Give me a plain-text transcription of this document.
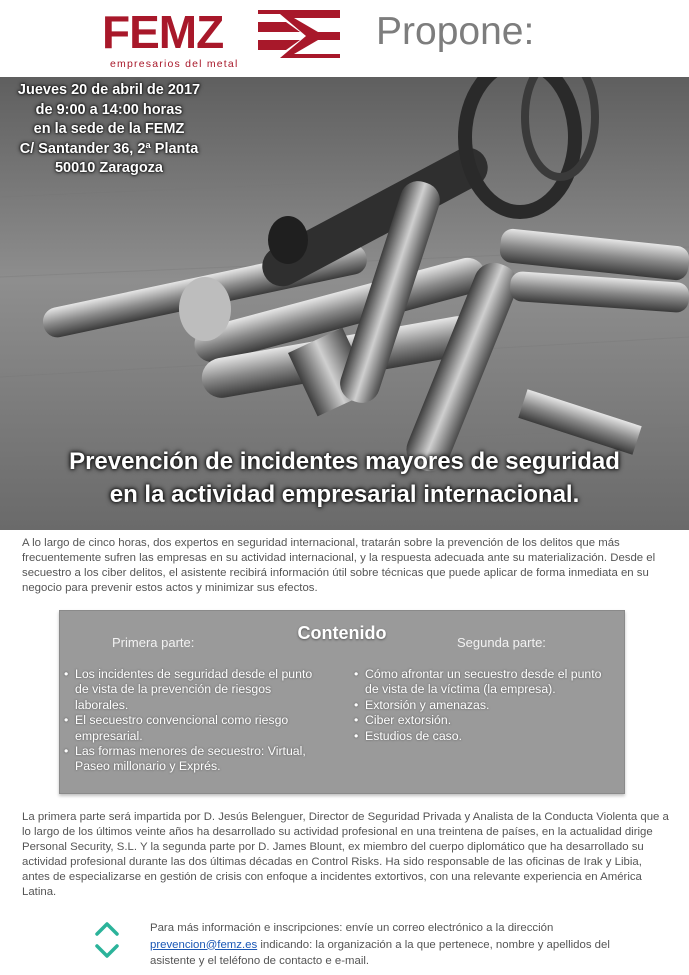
FEMZ
empresarios del metal
Propone:
Jueves 20 de abril de 2017
de 9:00 a 14:00 horas
en la sede de la FEMZ
C/ Santander 36, 2ª Planta
50010 Zaragoza
Prevención de incidentes mayores de seguridad
en la actividad empresarial internacional.

A lo largo de cinco horas, dos expertos en seguridad internacional, tratarán sobre la prevención de los delitos que más frecuentemente sufren las empresas en su actividad internacional, y la respuesta adecuada ante su materialización. Desde el secuestro a los ciber delitos, el asistente recibirá información útil sobre técnicas que puede aplicar de forma inmediata en su negocio para prevenir estos actos y minimizar sus efectos.

Contenido
Primera parte:	Segunda parte:
• Los incidentes de seguridad desde el punto de vista de la prevención de riesgos laborales.
• El secuestro convencional como riesgo empresarial.
• Las formas menores de secuestro: Virtual, Paseo millonario y Exprés.
• Cómo afrontar un secuestro desde el punto de vista de la víctima (la empresa).
• Extorsión y amenazas.
• Ciber extorsión.
• Estudios de caso.

La primera parte será impartida por D. Jesús Belenguer, Director de Seguridad Privada y Analista de la Conducta Violenta que a lo largo de los últimos veinte años ha desarrollado su actividad profesional en una treintena de países, en la actualidad dirige Personal Security, S.L. Y la segunda parte por D. James Blount, ex miembro del cuerpo diplomático que ha desarrollado su actividad profesional durante las dos últimas décadas en Control Risks. Ha sido responsable de las oficinas de Irak y Libia, antes de especializarse en gestión de crisis con enfoque a incidentes extortivos, con una relevante experiencia en América Latina.

Para más información e inscripciones: envíe un correo electrónico a la dirección prevencion@femz.es indicando: la organización a la que pertenece, nombre y apellidos del asistente y el teléfono de contacto e e-mail.
